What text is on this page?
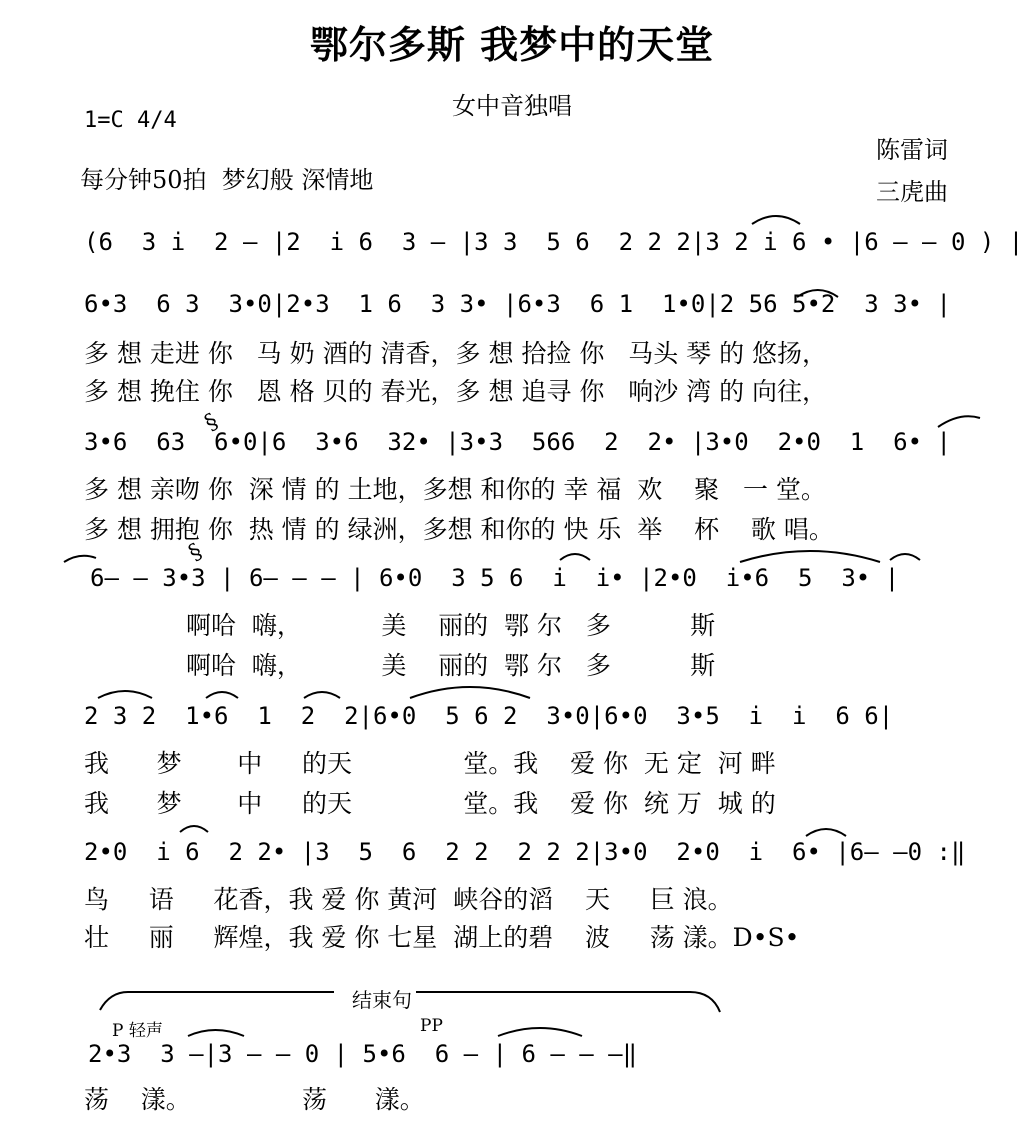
鄂尔多斯 我梦中的天堂
女中音独唱
1=C 4/4
每分钟50拍  梦幻般 深情地
陈雷词
三虎曲
(6  3 i  2 — |2  i 6  3 — |3 3  5 6  2 2 2|3 2 i 6 • |6 — — 0 ) |
6•3  6 3  3•0|2•3  1 6  3 3• |6•3  6 1  1•0|2 56 5•2  3 3• |
多 想 走进 你   马 奶 酒的 清香，多 想 拾捡 你   马头 琴 的 悠扬，
多 想 挽住 你   恩 格 贝的 春光，多 想 追寻 你   响沙 湾 的 向往，
3•6  63  6•0|6  3•6  32• |3•3  566  2  2• |3•0  2•0  1  6• |
多 想 亲吻 你  深 情 的 土地，多想 和你的 幸 福  欢    聚   一 堂。
多 想 拥抱 你  热 情 的 绿洲，多想 和你的 快 乐  举    杯    歌 唱。
6— — 3•3 | 6— — — | 6•0  3 5 6  i  i• |2•0  i•6  5  3• |
啊哈  嗨，          美    丽的  鄂 尔   多          斯
啊哈  嗨，          美    丽的  鄂 尔   多          斯
2 3 2  1•6  1  2  2|6•0  5 6 2  3•0|6•0  3•5  i  i  6 6|
我      梦       中     的天              堂。我    爱 你  无 定  河 畔
我      梦       中     的天              堂。我    爱 你  统 万  城 的
2•0  i 6  2 2• |3  5  6  2 2  2 2 2|3•0  2•0  i  6• |6— —0 :‖
鸟     语     花香，我 爱 你 黄河  峡谷的滔    天     巨 浪。
壮     丽     辉煌，我 爱 你 七星  湖上的碧    波     荡 漾。D•S•
结束句
P 轻声	PP
2•3  3 —|3 — — 0 | 5•6  6 — | 6 — — —‖
荡    漾。              荡      漾。
§
§
